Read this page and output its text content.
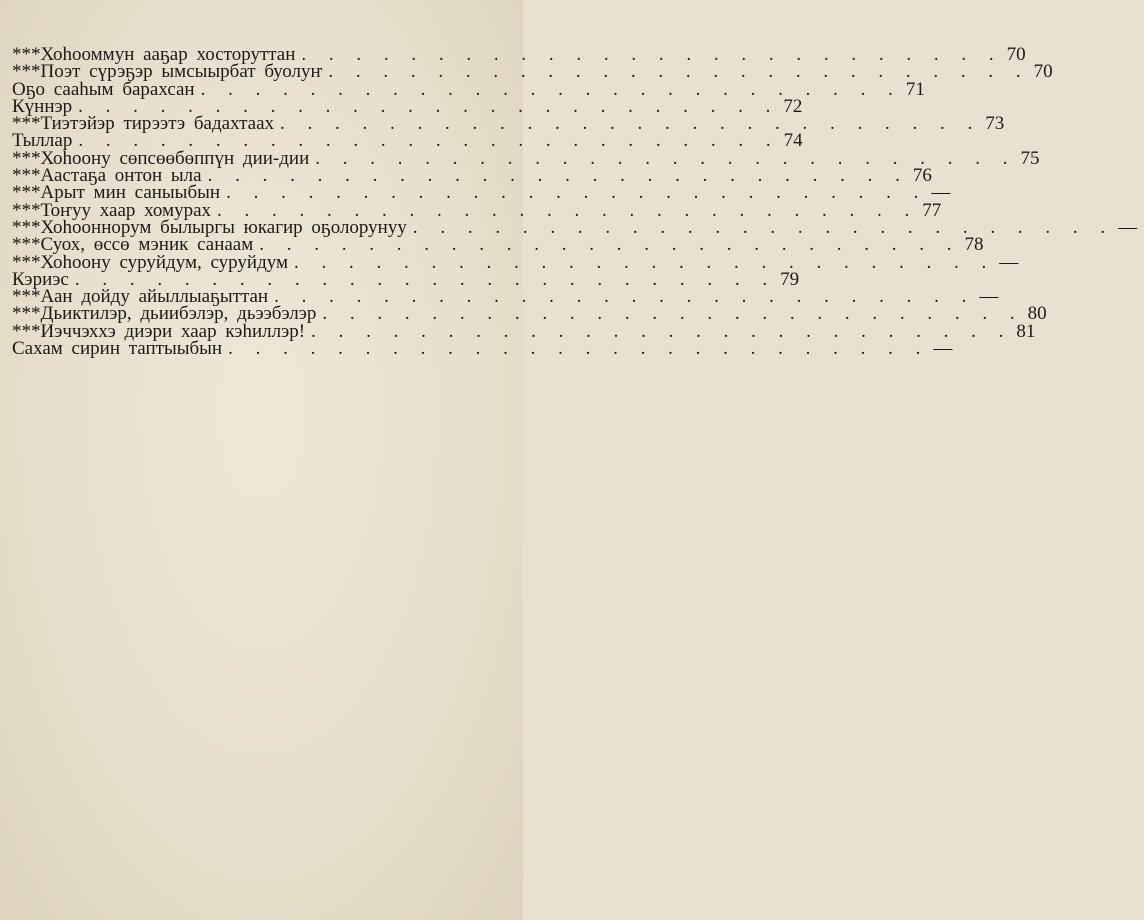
***Хоһооммун ааҕар хосторуттан . . . . . . . . . . . . . . . . . . . . . . . . . . 70
***Поэт сүрэҕэр ымсыырбат буолуҥ . . . . . . . . . . . . . . . . . . . . . . . . . . 70
Оҕо сааһым барахсан . . . . . . . . . . . . . . . . . . . . . . . . . . 71
Күннэр . . . . . . . . . . . . . . . . . . . . . . . . . . 72
***Тиэтэйэр тирээтэ бадахтаах . . . . . . . . . . . . . . . . . . . . . . . . . . 73
Тыллар . . . . . . . . . . . . . . . . . . . . . . . . . . 74
***Хоһоону сөпсөөбөппүн дии-дии . . . . . . . . . . . . . . . . . . . . . . . . . . 75
***Аастаҕа онтон ыла . . . . . . . . . . . . . . . . . . . . . . . . . . 76
***Арыт мин саныыбын . . . . . . . . . . . . . . . . . . . . . . . . . . —
***Тоҥуу хаар хомурах . . . . . . . . . . . . . . . . . . . . . . . . . . 77
***Хоһооннорум былыргы юкагир оҕолорунуу . . . . . . . . . . . . . . . . . . . . . . . . . . —
***Суох, өссө мэник санаам . . . . . . . . . . . . . . . . . . . . . . . . . . 78
***Хоһоону суруйдум, суруйдум . . . . . . . . . . . . . . . . . . . . . . . . . . —
Кэриэс . . . . . . . . . . . . . . . . . . . . . . . . . . 79
***Аан дойду айыллыаҕыттан . . . . . . . . . . . . . . . . . . . . . . . . . . —
***Дьиктилэр, дьиибэлэр, дьээбэлэр . . . . . . . . . . . . . . . . . . . . . . . . . . 80
***Иэччэххэ диэри хаар кэһиллэр! . . . . . . . . . . . . . . . . . . . . . . . . . . 81
Сахам сирин таптыыбын . . . . . . . . . . . . . . . . . . . . . . . . . . —
